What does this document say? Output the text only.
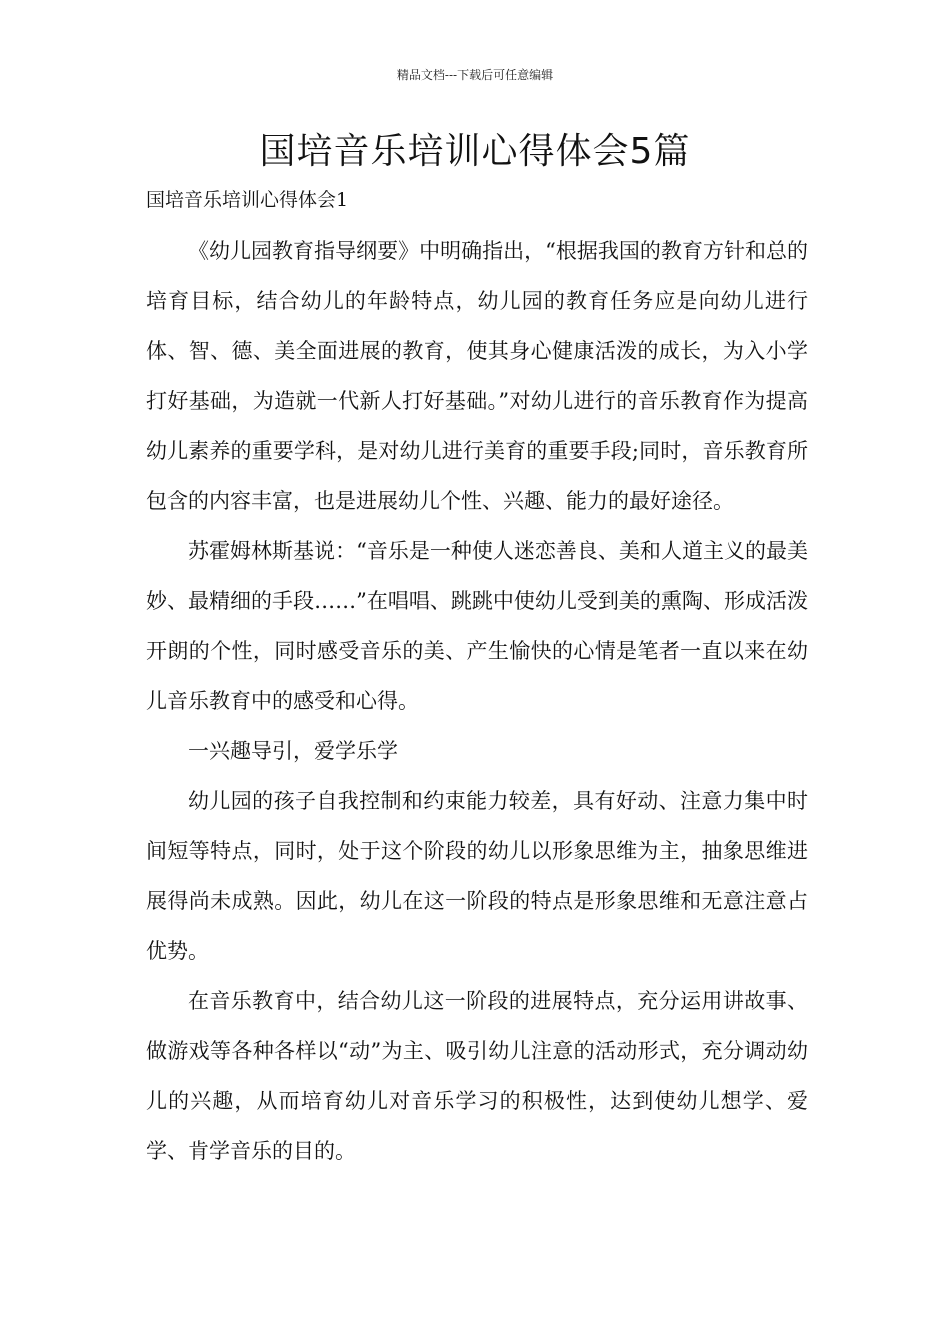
精品文档---下载后可任意编辑
国培音乐培训心得体会5篇
国培音乐培训心得体会1

《幼儿园教育指导纲要》中明确指出，“根据我国的教育方针和总的培育目标，结合幼儿的年龄特点，幼儿园的教育任务应是向幼儿进行体、智、德、美全面进展的教育，使其身心健康活泼的成长，为入小学打好基础，为造就一代新人打好基础。”对幼儿进行的音乐教育作为提高幼儿素养的重要学科，是对幼儿进行美育的重要手段;同时，音乐教育所包含的内容丰富，也是进展幼儿个性、兴趣、能力的最好途径。

苏霍姆林斯基说：“音乐是一种使人迷恋善良、美和人道主义的最美妙、最精细的手段……”在唱唱、跳跳中使幼儿受到美的熏陶、形成活泼开朗的个性，同时感受音乐的美、产生愉快的心情是笔者一直以来在幼儿音乐教育中的感受和心得。

一兴趣导引，爱学乐学

幼儿园的孩子自我控制和约束能力较差，具有好动、注意力集中时间短等特点，同时，处于这个阶段的幼儿以形象思维为主，抽象思维进展得尚未成熟。因此，幼儿在这一阶段的特点是形象思维和无意注意占优势。

在音乐教育中，结合幼儿这一阶段的进展特点，充分运用讲故事、做游戏等各种各样以“动”为主、吸引幼儿注意的活动形式，充分调动幼儿的兴趣，从而培育幼儿对音乐学习的积极性，达到使幼儿想学、爱学、肯学音乐的目的。
